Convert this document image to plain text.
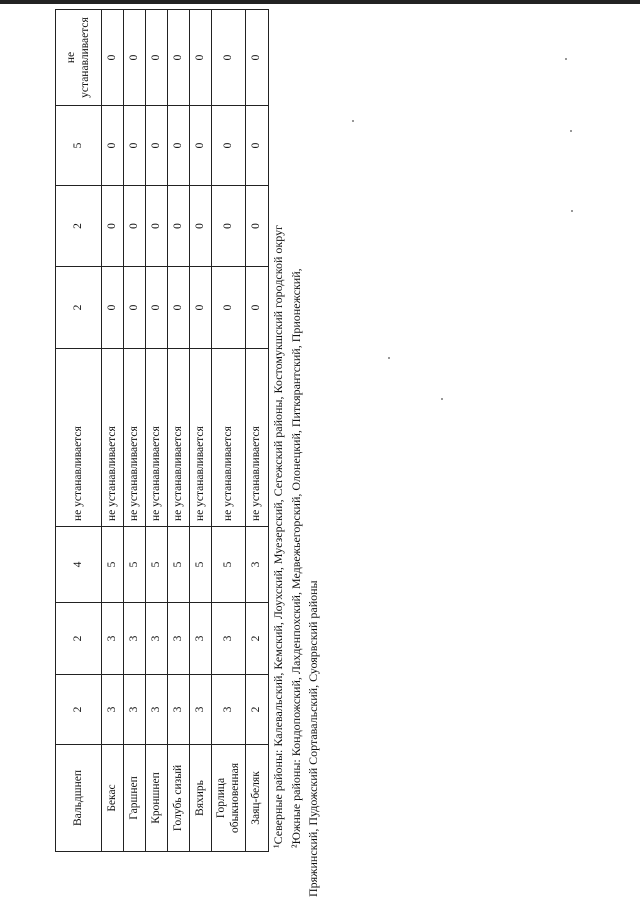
Вальдшнеп	2	2	4	не устанавливается	2	2	5	не устанавливается
Бекас	3	3	5	не устанавливается	0	0	0	0
Гаршнеп	3	3	5	не устанавливается	0	0	0	0
Кроншнеп	3	3	5	не устанавливается	0	0	0	0
Голубь сизый	3	3	5	не устанавливается	0	0	0	0
Вяхирь	3	3	5	не устанавливается	0	0	0	0
Горлица обыкновенная	3	3	5	не устанавливается	0	0	0	0
Заяц-беляк	2	2	3	не устанавливается	0	0	0	0

¹Северные районы: Калевальский, Кемский, Лоухский, Муезерский, Сегежский районы, Костомукшский городской округ ²Южные районы: Кондопожский, Лахденпохский, Медвежьегорский, Олонецкий, Питкярантский, Прионежский, Пряжинский, Пудожский Сортавальский, Суоярвский районы
